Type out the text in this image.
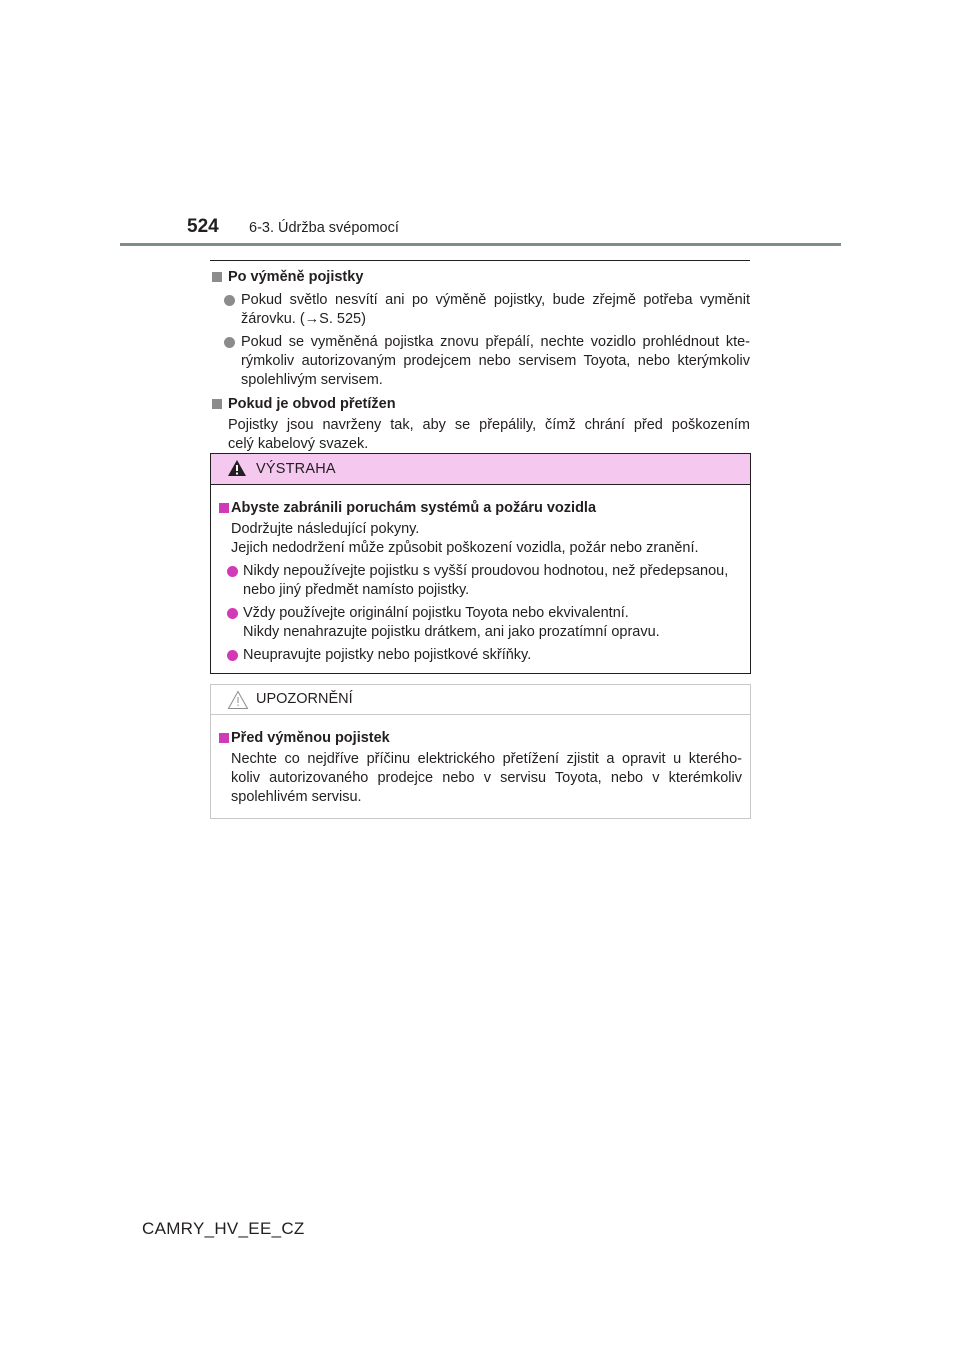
524 6-3. Údržba svépomocí
Po výměně pojistky
Pokud světlo nesvítí ani po výměně pojistky, bude zřejmě potřeba vyměnit
žárovku. (→S. 525)
Pokud se vyměněná pojistka znovu přepálí, nechte vozidlo prohlédnout kte-
rýmkoliv autorizovaným prodejcem nebo servisem Toyota, nebo kterýmkoliv
spolehlivým servisem.
Pokud je obvod přetížen
Pojistky jsou navrženy tak, aby se přepálily, čímž chrání před poškozením
celý kabelový svazek.
VÝSTRAHA
Abyste zabránili poruchám systémů a požáru vozidla
Dodržujte následující pokyny.
Jejich nedodržení může způsobit poškození vozidla, požár nebo zranění.
Nikdy nepoužívejte pojistku s vyšší proudovou hodnotou, než předepsanou,
nebo jiný předmět namísto pojistky.
Vždy používejte originální pojistku Toyota nebo ekvivalentní.
Nikdy nenahrazujte pojistku drátkem, ani jako prozatímní opravu.
Neupravujte pojistky nebo pojistkové skříňky.
UPOZORNĚNÍ
Před výměnou pojistek
Nechte co nejdříve příčinu elektrického přetížení zjistit a opravit u kterého-
koliv autorizovaného prodejce nebo v servisu Toyota, nebo v kterémkoliv
spolehlivém servisu.
CAMRY_HV_EE_CZ
